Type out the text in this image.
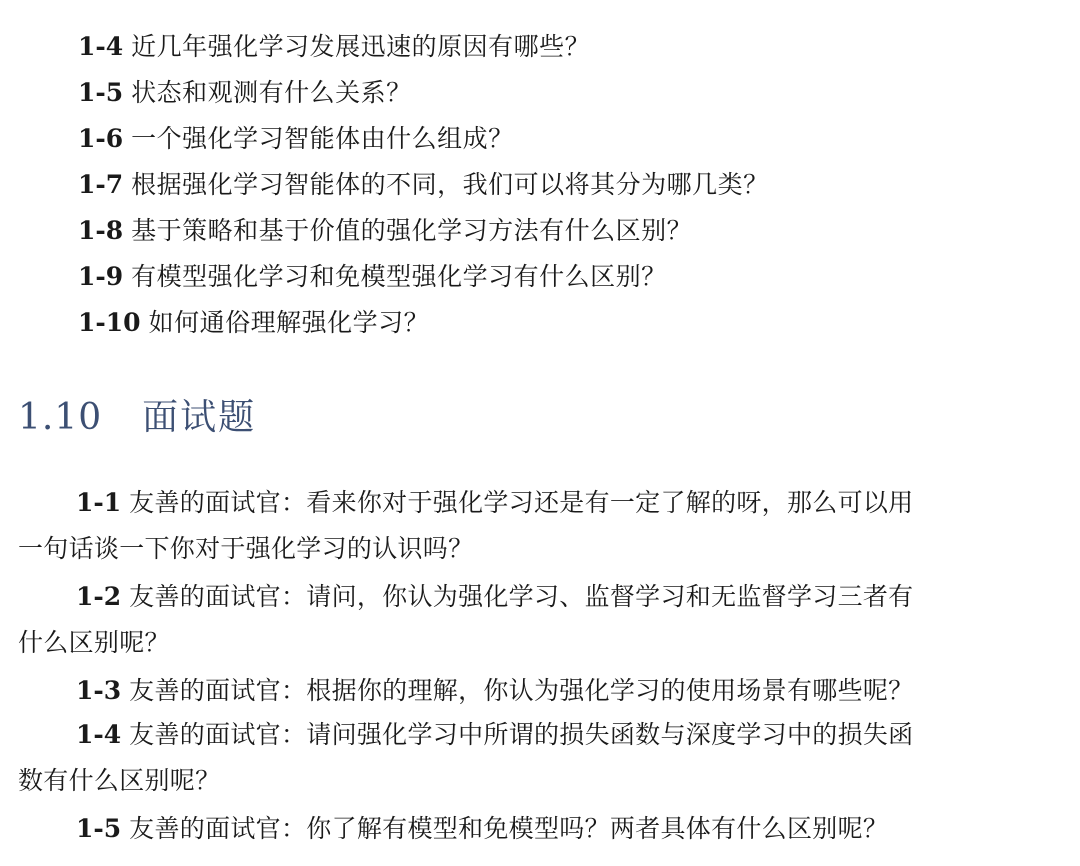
1-4 近几年强化学习发展迅速的原因有哪些？
1-5 状态和观测有什么关系？
1-6 一个强化学习智能体由什么组成？
1-7 根据强化学习智能体的不同，我们可以将其分为哪几类？
1-8 基于策略和基于价值的强化学习方法有什么区别？
1-9 有模型强化学习和免模型强化学习有什么区别？
1-10 如何通俗理解强化学习？
1.10 面试题
1-1 友善的面试官：看来你对于强化学习还是有一定了解的呀，那么可以用
一句话谈一下你对于强化学习的认识吗？
1-2 友善的面试官：请问，你认为强化学习、监督学习和无监督学习三者有
什么区别呢？
1-3 友善的面试官：根据你的理解，你认为强化学习的使用场景有哪些呢？
1-4 友善的面试官：请问强化学习中所谓的损失函数与深度学习中的损失函
数有什么区别呢？
1-5 友善的面试官：你了解有模型和免模型吗？两者具体有什么区别呢？
